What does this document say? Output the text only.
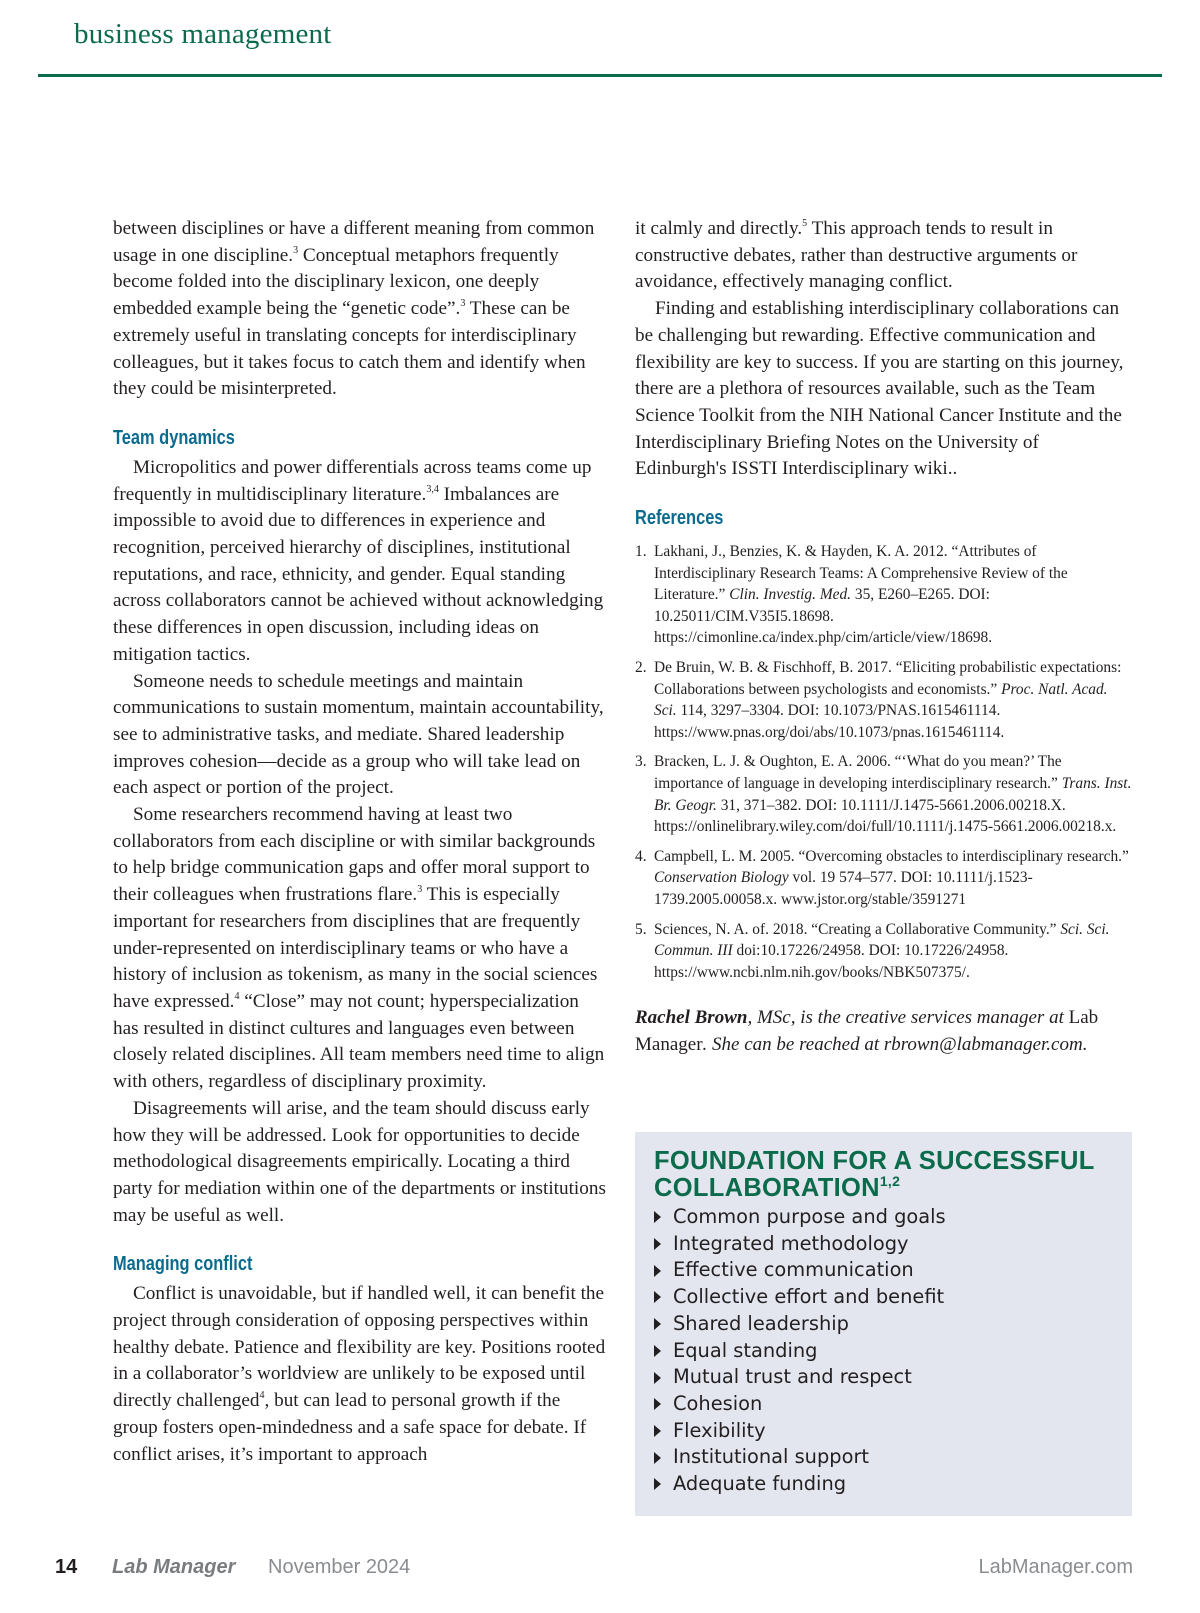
business management

between disciplines or have a different meaning from common usage in one discipline.$^3$ Conceptual metaphors frequently become folded into the disciplinary lexicon, one deeply embedded example being the “genetic code”.$^3$ These can be extremely useful in translating concepts for interdisciplinary colleagues, but it takes focus to catch them and identify when they could be misinterpreted.

Team dynamics

Micropolitics and power differentials across teams come up frequently in multidisciplinary literature.$^{3,4}$ Imbalances are impossible to avoid due to differences in experience and recognition, perceived hierarchy of disciplines, institutional reputations, and race, ethnicity, and gender. Equal standing across collaborators cannot be achieved without acknowledging these differences in open discussion, including ideas on mitigation tactics.

Someone needs to schedule meetings and maintain communications to sustain momentum, maintain accountability, see to administrative tasks, and mediate. Shared leadership improves cohesion—decide as a group who will take lead on each aspect or portion of the project.

Some researchers recommend having at least two collaborators from each discipline or with similar backgrounds to help bridge communication gaps and offer moral support to their colleagues when frustrations flare.$^3$ This is especially important for researchers from disciplines that are frequently under-represented on interdisciplinary teams or who have a history of inclusion as tokenism, as many in the social sciences have expressed.$^4$ “Close” may not count; hyperspecialization has resulted in distinct cultures and languages even between closely related disciplines. All team members need time to align with others, regardless of disciplinary proximity.

Disagreements will arise, and the team should discuss early how they will be addressed. Look for opportunities to decide methodological disagreements empirically. Locating a third party for mediation within one of the departments or institutions may be useful as well.

Managing conflict

Conflict is unavoidable, but if handled well, it can benefit the project through consideration of opposing perspectives within healthy debate. Patience and flexibility are key. Positions rooted in a collaborator’s worldview are unlikely to be exposed until directly challenged$^4$, but can lead to personal growth if the group fosters open-mindedness and a safe space for debate. If conflict arises, it’s important to approach

it calmly and directly.$^5$ This approach tends to result in constructive debates, rather than destructive arguments or avoidance, effectively managing conflict.

Finding and establishing interdisciplinary collaborations can be challenging but rewarding. Effective communication and flexibility are key to success. If you are starting on this journey, there are a plethora of resources available, such as the Team Science Toolkit from the NIH National Cancer Institute and the Interdisciplinary Briefing Notes on the University of Edinburgh's ISSTI Interdisciplinary wiki..

References
1. Lakhani, J., Benzies, K. & Hayden, K. A. 2012. “Attributes of Interdisciplinary Research Teams: A Comprehensive Review of the Literature.” Clin. Investig. Med. 35, E260–E265. DOI: 10.25011/CIM.V35I5.18698. https://cimonline.ca/index.php/cim/article/view/18698.
2. De Bruin, W. B. & Fischhoff, B. 2017. “Eliciting probabilistic expectations: Collaborations between psychologists and economists.” Proc. Natl. Acad. Sci. 114, 3297–3304. DOI: 10.1073/PNAS.1615461114. https://www.pnas.org/doi/abs/10.1073/pnas.1615461114.
3. Bracken, L. J. & Oughton, E. A. 2006. “‘What do you mean?’ The importance of language in developing interdisciplinary research.” Trans. Inst. Br. Geogr. 31, 371–382. DOI: 10.1111/J.1475-5661.2006.00218.X. https://onlinelibrary.wiley.com/doi/full/10.1111/j.1475-5661.2006.00218.x.
4. Campbell, L. M. 2005. “Overcoming obstacles to interdisciplinary research.” Conservation Biology vol. 19 574–577. DOI: 10.1111/j.1523-1739.2005.00058.x. www.jstor.org/stable/3591271
5. Sciences, N. A. of. 2018. “Creating a Collaborative Community.” Sci. Sci. Commun. III doi:10.17226/24958. DOI: 10.17226/24958. https://www.ncbi.nlm.nih.gov/books/NBK507375/.

Rachel Brown, MSc, is the creative services manager at Lab Manager. She can be reached at rbrown@labmanager.com.

FOUNDATION FOR A SUCCESSFUL COLLABORATION$^{1,2}$
Common purpose and goals
Integrated methodology
Effective communication
Collective effort and benefit
Shared leadership
Equal standing
Mutual trust and respect
Cohesion
Flexibility
Institutional support
Adequate funding
14 Lab Manager November 2024	LabManager.com
